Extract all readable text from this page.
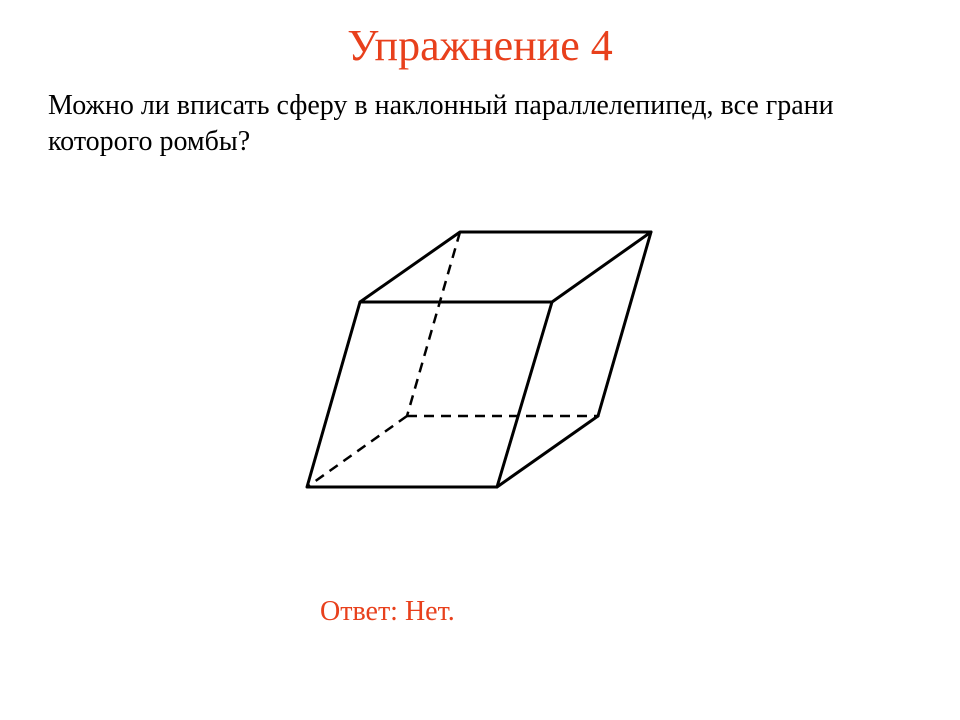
Упражнение 4

Можно ли вписать сферу в наклонный параллелепипед, все грани которого ромбы?

Ответ: Нет.
